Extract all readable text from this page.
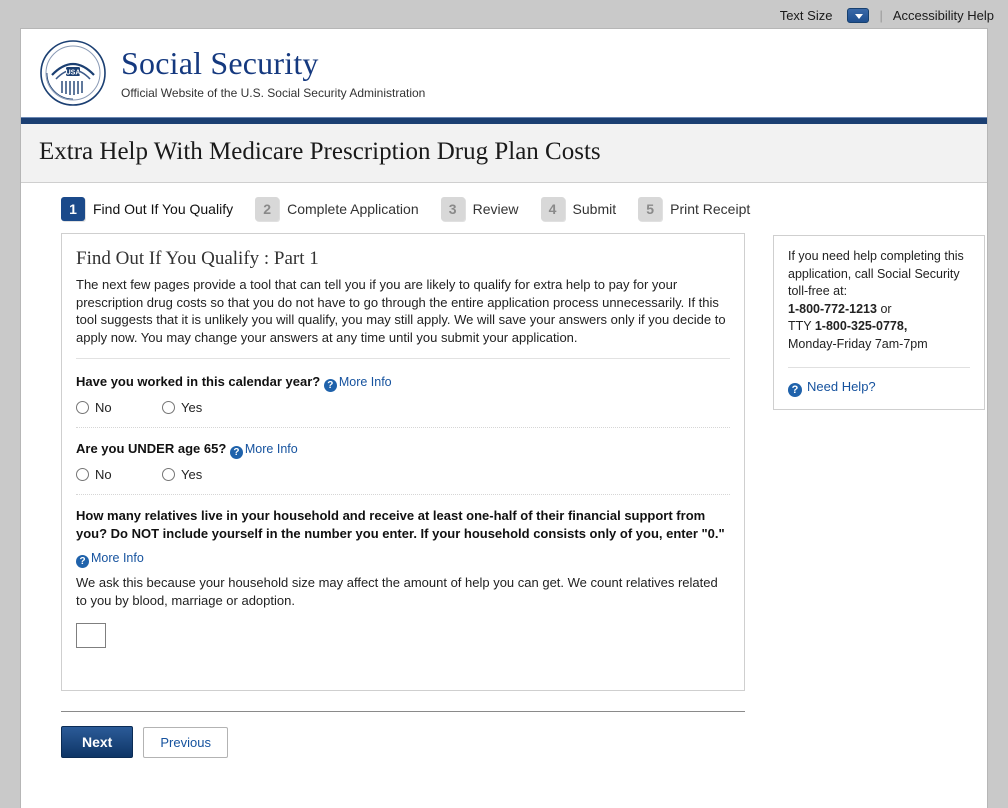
Text Size	| Accessibility Help
USA Social Security
Official Website of the U.S. Social Security Administration
Extra Help With Medicare Prescription Drug Plan Costs
1	Find Out If You Qualify	2	Complete Application	3	Review	4	Submit	5	Print Receipt
Find Out If You Qualify : Part 1
The next few pages provide a tool that can tell you if you are likely to qualify for extra help to pay for your prescription drug costs so that you do not have to go through the entire application process unnecessarily. If this tool suggests that it is unlikely you will qualify, you may still apply. We will save your answers only if you decide to apply now. You may change your answers at any time until you submit your application.
Have you worked in this calendar year? ? More Info
No	Yes
Are you UNDER age 65? ? More Info
No	Yes
How many relatives live in your household and receive at least one-half of their financial support from you? Do NOT include yourself in the number you enter. If your household consists only of you, enter "0."
? More Info
We ask this because your household size may affect the amount of help you can get. We count relatives related to you by blood, marriage or adoption.
If you need help completing this application, call Social Security toll-free at:
1-800-772-1213 or
TTY 1-800-325-0778,
Monday-Friday 7am-7pm
? Need Help?
Next	Previous
